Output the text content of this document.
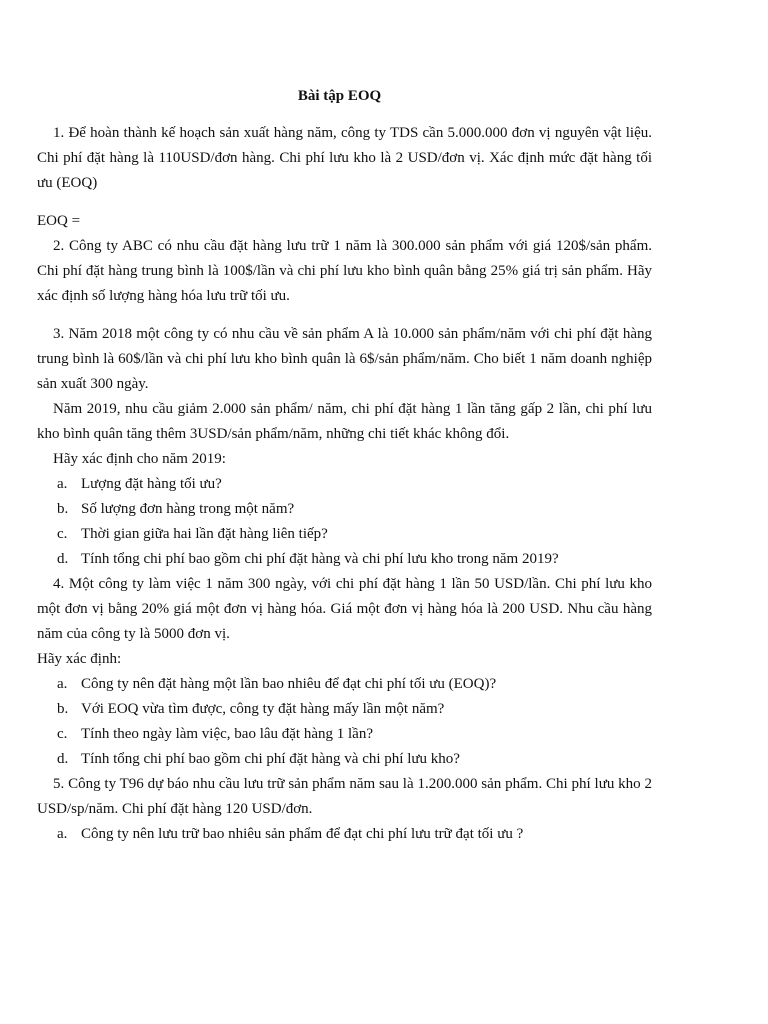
Bài tập EOQ

1. Để hoàn thành kế hoạch sản xuất hàng năm, công ty TDS cần 5.000.000 đơn vị nguyên vật liệu. Chi phí đặt hàng là 110USD/đơn hàng. Chi phí lưu kho là 2 USD/đơn vị. Xác định mức đặt hàng tối ưu (EOQ)

EOQ =

2. Công ty ABC có nhu cầu đặt hàng lưu trữ 1 năm là 300.000 sản phẩm với giá 120$/sản phẩm. Chi phí đặt hàng trung bình là 100$/lần và chi phí lưu kho bình quân bằng 25% giá trị sản phẩm. Hãy xác định số lượng hàng hóa lưu trữ tối ưu.

3. Năm 2018 một công ty có nhu cầu về sản phẩm A là 10.000 sản phẩm/năm với chi phí đặt hàng trung bình là 60$/lần và chi phí lưu kho bình quân là 6$/sản phẩm/năm. Cho biết 1 năm doanh nghiệp sản xuất 300 ngày.

Năm 2019, nhu cầu giảm 2.000 sản phẩm/ năm, chi phí đặt hàng 1 lần tăng gấp 2 lần, chi phí lưu kho bình quân tăng thêm 3USD/sản phẩm/năm, những chi tiết khác không đổi.

Hãy xác định cho năm 2019:

a. Lượng đặt hàng tối ưu?
b. Số lượng đơn hàng trong một năm?
c. Thời gian giữa hai lần đặt hàng liên tiếp?
d. Tính tổng chi phí bao gồm chi phí đặt hàng và chi phí lưu kho trong năm 2019?

4. Một công ty làm việc 1 năm 300 ngày, với chi phí đặt hàng 1 lần 50 USD/lần. Chi phí lưu kho một đơn vị bằng 20% giá một đơn vị hàng hóa. Giá một đơn vị hàng hóa là 200 USD. Nhu cầu hàng năm của công ty là 5000 đơn vị.

Hãy xác định:

a. Công ty nên đặt hàng một lần bao nhiêu để đạt chi phí tối ưu (EOQ)?
b. Với EOQ vừa tìm được, công ty đặt hàng mấy lần một năm?
c. Tính theo ngày làm việc, bao lâu đặt hàng 1 lần?
d. Tính tổng chi phí bao gồm chi phí đặt hàng và chi phí lưu kho?

5. Công ty T96 dự báo nhu cầu lưu trữ sản phẩm năm sau là 1.200.000 sản phẩm. Chi phí lưu kho 2 USD/sp/năm. Chi phí đặt hàng 120 USD/đơn.

a. Công ty nên lưu trữ bao nhiêu sản phẩm để đạt chi phí lưu trữ đạt tối ưu ?
